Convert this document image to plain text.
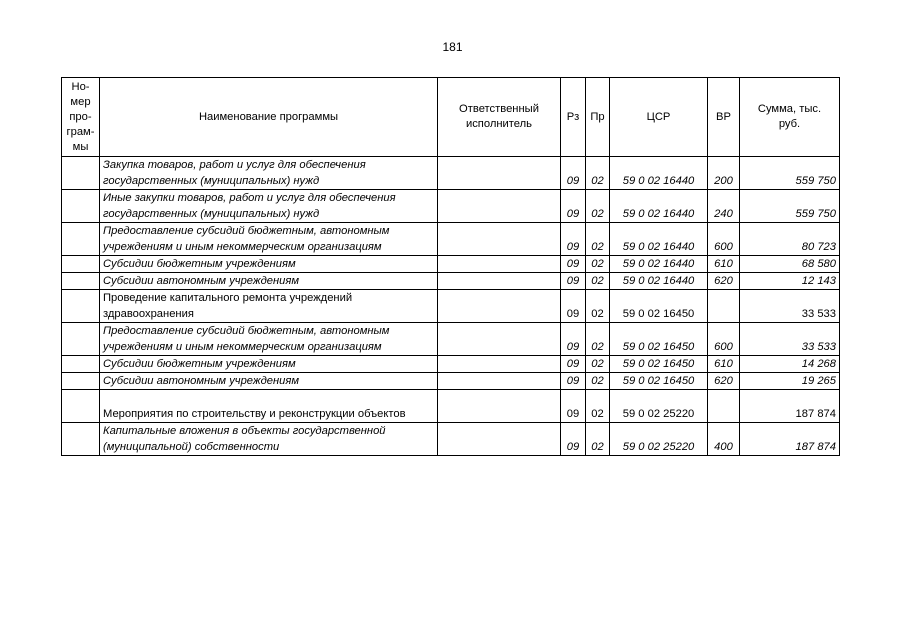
181
Но-
мер
про-
грам-
мы	Наименование программы	Ответственный исполнитель	Рз	Пр	ЦСР	ВР	Сумма, тыс. руб.
	Закупка товаров, работ и услуг для обеспечения государственных (муниципальных) нужд		09	02	59 0 02 16440	200	559 750
	Иные закупки товаров, работ и услуг для обеспечения государственных (муниципальных) нужд		09	02	59 0 02 16440	240	559 750
	Предоставление субсидий бюджетным, автономным учреждениям и иным некоммерческим организациям		09	02	59 0 02 16440	600	80 723
	Субсидии бюджетным учреждениям		09	02	59 0 02 16440	610	68 580
	Субсидии автономным учреждениям		09	02	59 0 02 16440	620	12 143
	Проведение капитального ремонта учреждений здравоохранения		09	02	59 0 02 16450		33 533
	Предоставление субсидий бюджетным, автономным учреждениям и иным некоммерческим организациям		09	02	59 0 02 16450	600	33 533
	Субсидии бюджетным учреждениям		09	02	59 0 02 16450	610	14 268
	Субсидии автономным учреждениям		09	02	59 0 02 16450	620	19 265
	Мероприятия по строительству и реконструкции объектов		09	02	59 0 02 25220		187 874
	Капитальные вложения в объекты государственной (муниципальной) собственности		09	02	59 0 02 25220	400	187 874
